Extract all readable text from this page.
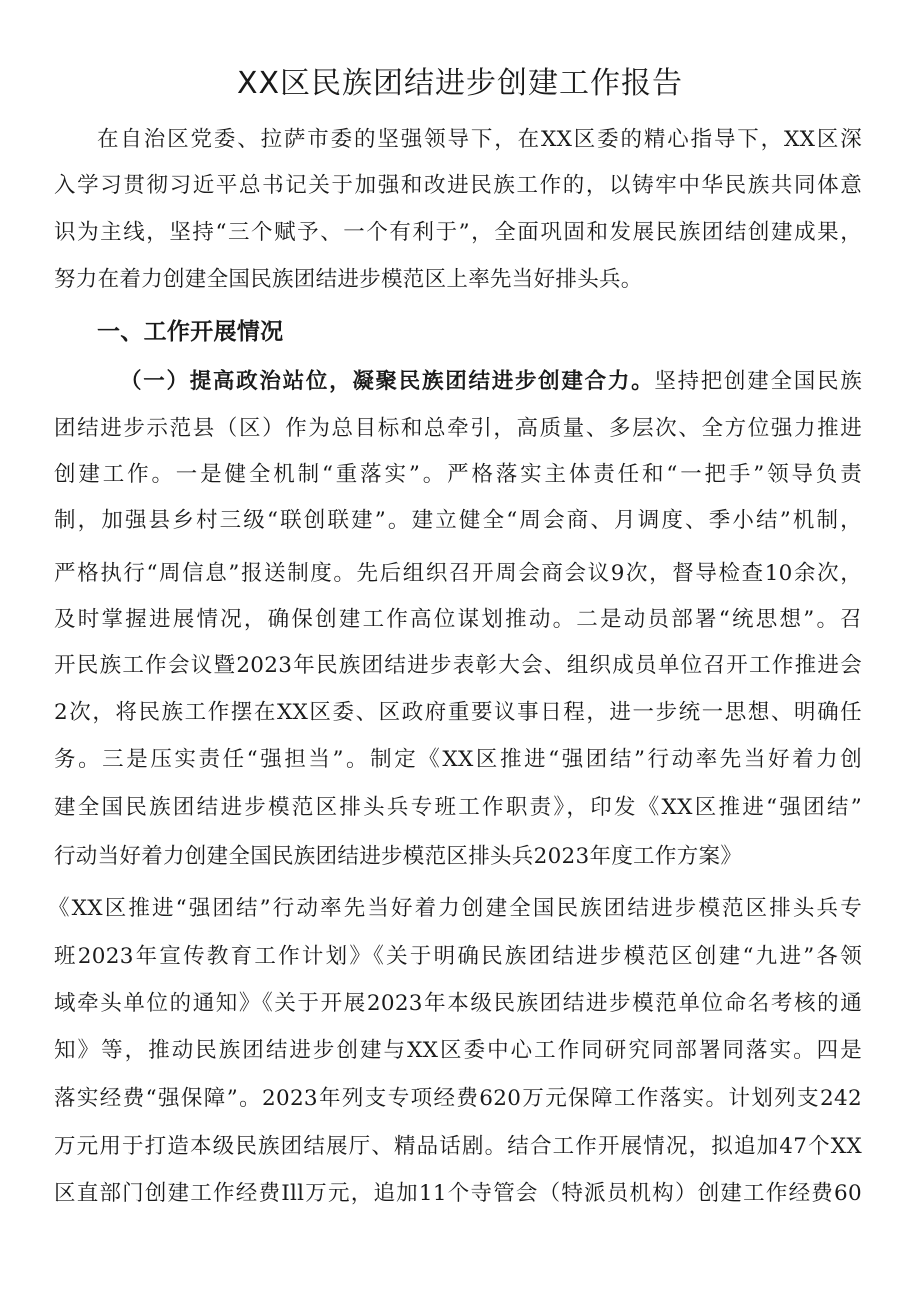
XX区民族团结进步创建工作报告
在自治区党委、拉萨市委的坚强领导下，在XX区委的精心指导下，XX区深
入学习贯彻习近平总书记关于加强和改进民族工作的，以铸牢中华民族共同体意
识为主线，坚持“三个赋予、一个有利于”，全面巩固和发展民族团结创建成果，
努力在着力创建全国民族团结进步模范区上率先当好排头兵。
一、工作开展情况
（一）提高政治站位，凝聚民族团结进步创建合力。坚持把创建全国民族
团结进步示范县（区）作为总目标和总牵引，高质量、多层次、全方位强力推进
创建工作。一是健全机制“重落实”。严格落实主体责任和“一把手”领导负责
制，加强县乡村三级“联创联建”。建立健全“周会商、月调度、季小结”机制，
严格执行“周信息”报送制度。先后组织召开周会商会议9次，督导检查10余次，
及时掌握进展情况，确保创建工作高位谋划推动。二是动员部署“统思想”。召
开民族工作会议暨2023年民族团结进步表彰大会、组织成员单位召开工作推进会
2次，将民族工作摆在XX区委、区政府重要议事日程，进一步统一思想、明确任
务。三是压实责任“强担当”。制定《XX区推进“强团结”行动率先当好着力创
建全国民族团结进步模范区排头兵专班工作职责》，印发《XX区推进“强团结”
行动当好着力创建全国民族团结进步模范区排头兵2023年度工作方案》
《XX区推进“强团结”行动率先当好着力创建全国民族团结进步模范区排头兵专
班2023年宣传教育工作计划》《关于明确民族团结进步模范区创建“九进”各领
域牵头单位的通知》《关于开展2023年本级民族团结进步模范单位命名考核的通
知》等，推动民族团结进步创建与XX区委中心工作同研究同部署同落实。四是
落实经费“强保障”。2023年列支专项经费620万元保障工作落实。计划列支242
万元用于打造本级民族团结展厅、精品话剧。结合工作开展情况，拟追加47个XX
区直部门创建工作经费Ill万元，追加11个寺管会（特派员机构）创建工作经费60
